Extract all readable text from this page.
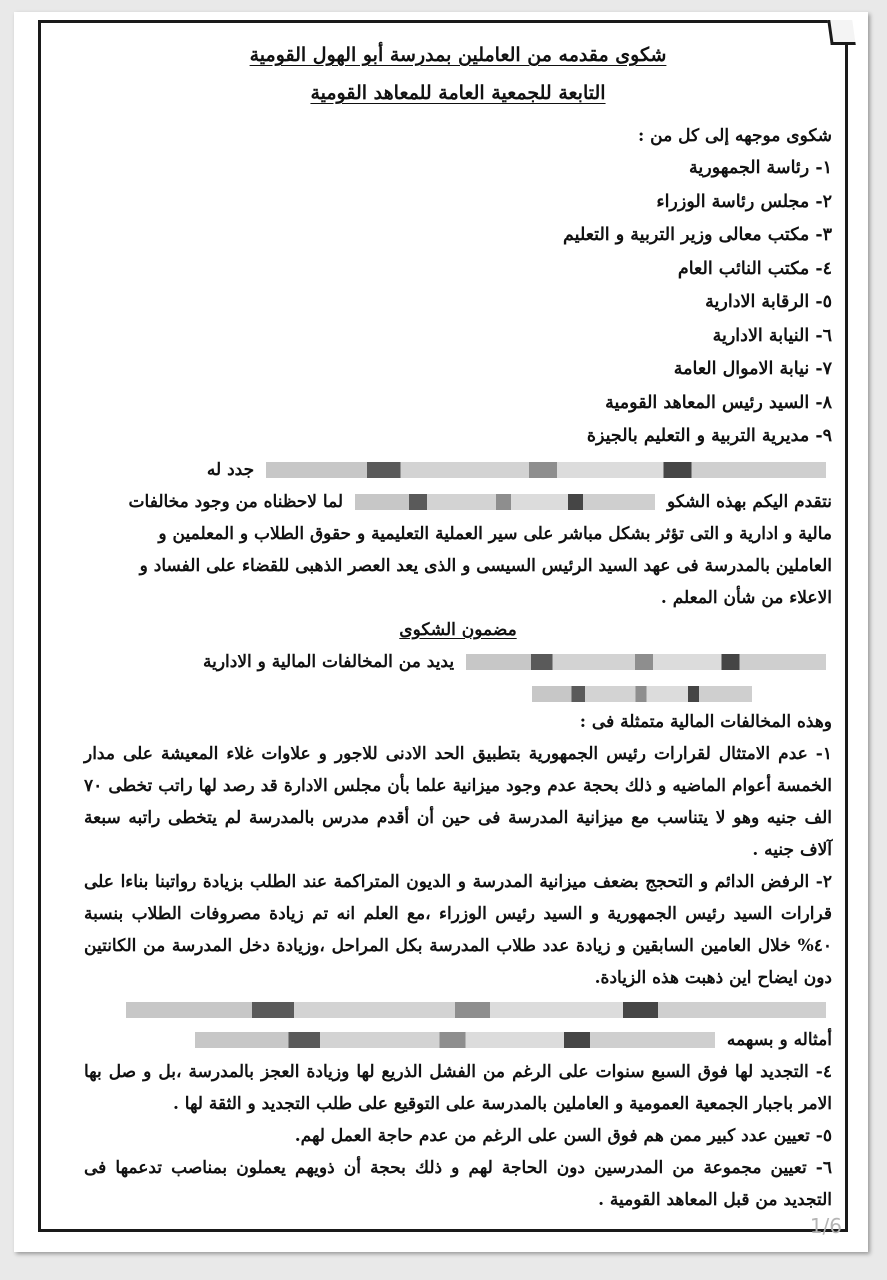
شكوى مقدمه من العاملين بمدرسة أبو الهول القومية

التابعة للجمعية العامة للمعاهد القومية

شكوى موجهه إلى كل من :

١- رئاسة الجمهورية
٢- مجلس رئاسة الوزراء
٣- مكتب معالى وزير التربية و التعليم
٤- مكتب النائب العام
٥- الرقابة الادارية
٦- النيابة الادارية
٧- نيابة الاموال العامة
٨- السيد رئيس المعاهد القومية
٩- مديرية التربية و التعليم بالجيزة

جدد له

نتقدم اليكم بهذه الشكو  لما لاحظناه من وجود مخالفات

مالية و ادارية و التى تؤثر بشكل مباشر على سير العملية التعليمية و حقوق الطلاب و المعلمين و

العاملين بالمدرسة فى عهد السيد الرئيس السيسى و الذى يعد العصر الذهبى للقضاء على الفساد و

الاعلاء من شأن المعلم .

مضمون الشكوى

يديد من المخالفات المالية و الادارية

وهذه المخالفات المالية متمثلة فى :

١- عدم الامتثال لقرارات رئيس الجمهورية بتطبيق الحد الادنى للاجور و علاوات غلاء المعيشة على مدار الخمسة أعوام الماضيه و ذلك بحجة عدم وجود ميزانية علما بأن مجلس الادارة قد رصد لها راتب تخطى ٧٠ الف جنيه وهو لا يتناسب مع ميزانية المدرسة فى حين أن أقدم مدرس بالمدرسة لم يتخطى راتبه سبعة آلاف جنيه .
٢- الرفض الدائم و التحجج بضعف ميزانية المدرسة و الديون المتراكمة عند الطلب بزيادة رواتبنا بناءا على قرارات السيد رئيس الجمهورية و السيد رئيس الوزراء ،مع العلم انه تم زيادة مصروفات الطلاب بنسبة ٤٠% خلال العامين السابقين و زيادة عدد طلاب المدرسة بكل المراحل ،وزيادة دخل المدرسة من الكانتين دون ايضاح اين ذهبت هذه الزيادة.

أمثاله و بسهمه

٤- التجديد لها فوق السبع سنوات على الرغم من الفشل الذريع لها وزيادة العجز بالمدرسة ،بل و صل بها الامر باجبار الجمعية العمومية و العاملين بالمدرسة على التوقيع على طلب التجديد و الثقة لها .
٥- تعيين عدد كبير ممن هم فوق السن على الرغم من عدم حاجة العمل لهم.
٦- تعيين مجموعة من المدرسين دون الحاجة لهم و ذلك بحجة أن ذويهم يعملون بمناصب تدعمها فى التجديد من قبل المعاهد القومية .
1/6
